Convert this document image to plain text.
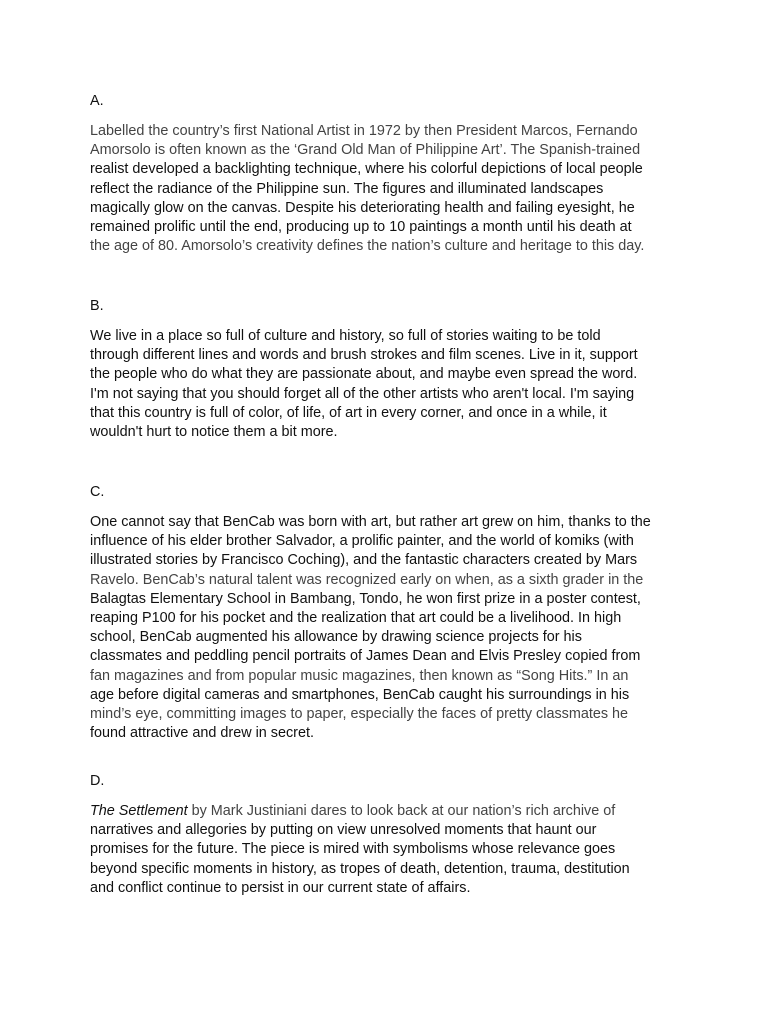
A.

Labelled the country’s first National Artist in 1972 by then President Marcos, Fernando
Amorsolo is often known as the ‘Grand Old Man of Philippine Art’. The Spanish-trained
realist developed a backlighting technique, where his colorful depictions of local people
reflect the radiance of the Philippine sun. The figures and illuminated landscapes
magically glow on the canvas. Despite his deteriorating health and failing eyesight, he
remained prolific until the end, producing up to 10 paintings a month until his death at
the age of 80. Amorsolo’s creativity defines the nation’s culture and heritage to this day.

B.

We live in a place so full of culture and history, so full of stories waiting to be told
through different lines and words and brush strokes and film scenes. Live in it, support
the people who do what they are passionate about, and maybe even spread the word.
I'm not saying that you should forget all of the other artists who aren't local. I'm saying
that this country is full of color, of life, of art in every corner, and once in a while, it
wouldn't hurt to notice them a bit more.

C.

One cannot say that BenCab was born with art, but rather art grew on him, thanks to the
influence of his elder brother Salvador, a prolific painter, and the world of komiks (with
illustrated stories by Francisco Coching), and the fantastic characters created by Mars
Ravelo. BenCab’s natural talent was recognized early on when, as a sixth grader in the
Balagtas Elementary School in Bambang, Tondo, he won first prize in a poster contest,
reaping P100 for his pocket and the realization that art could be a livelihood. In high
school, BenCab augmented his allowance by drawing science projects for his
classmates and peddling pencil portraits of James Dean and Elvis Presley copied from
fan magazines and from popular music magazines, then known as “Song Hits.” In an
age before digital cameras and smartphones, BenCab caught his surroundings in his
mind’s eye, committing images to paper, especially the faces of pretty classmates he
found attractive and drew in secret.

D.

The Settlement by Mark Justiniani dares to look back at our nation’s rich archive of
narratives and allegories by putting on view unresolved moments that haunt our
promises for the future. The piece is mired with symbolisms whose relevance goes
beyond specific moments in history, as tropes of death, detention, trauma, destitution
and conflict continue to persist in our current state of affairs.
